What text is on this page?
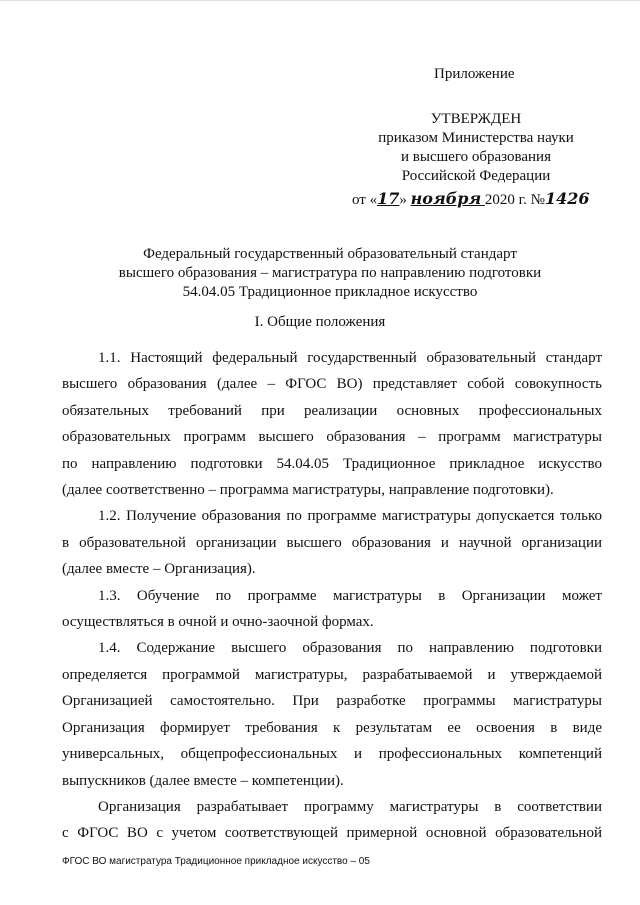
Приложение
УТВЕРЖДЕН
приказом Министерства науки
и высшего образования
Российской Федерации
от «17» ноября 2020 г. №1426
Федеральный государственный образовательный стандарт
высшего образования – магистратура по направлению подготовки
54.04.05 Традиционное прикладное искусство
I. Общие положения
1.1. Настоящий федеральный государственный образовательный стандарт
высшего образования (далее – ФГОС ВО) представляет собой совокупность
обязательных требований при реализации основных профессиональных
образовательных программ высшего образования – программ магистратуры
по направлению подготовки 54.04.05 Традиционное прикладное искусство
(далее соответственно – программа магистратуры, направление подготовки).
1.2. Получение образования по программе магистратуры допускается только
в образовательной организации высшего образования и научной организации
(далее вместе – Организация).
1.3. Обучение по программе магистратуры в Организации может
осуществляться в очной и очно-заочной формах.
1.4. Содержание высшего образования по направлению подготовки
определяется программой магистратуры, разрабатываемой и утверждаемой
Организацией самостоятельно. При разработке программы магистратуры
Организация формирует требования к результатам ее освоения в виде
универсальных, общепрофессиональных и профессиональных компетенций
выпускников (далее вместе – компетенции).
Организация разрабатывает программу магистратуры в соответствии
с ФГОС ВО с учетом соответствующей примерной основной образовательной
ФГОС ВО магистратура Традиционное прикладное искусство – 05
